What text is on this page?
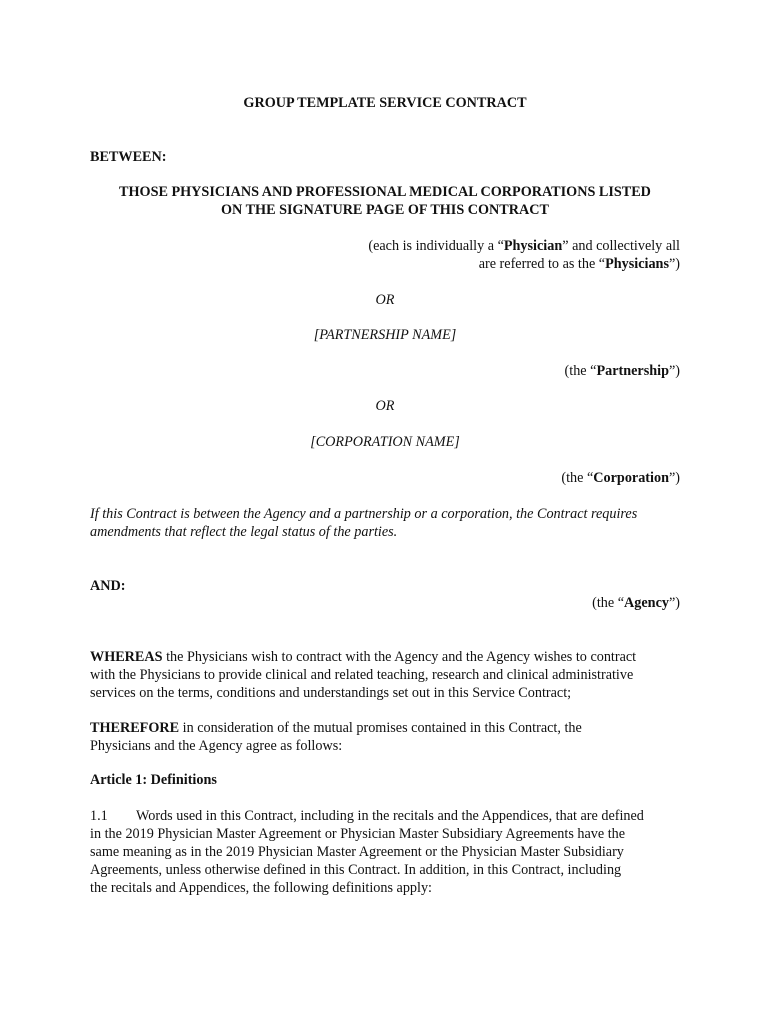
GROUP TEMPLATE SERVICE CONTRACT
BETWEEN:
THOSE PHYSICIANS AND PROFESSIONAL MEDICAL CORPORATIONS LISTED
ON THE SIGNATURE PAGE OF THIS CONTRACT
(each is individually a “Physician” and collectively all
are referred to as the “Physicians”)
OR
[PARTNERSHIP NAME]
(the “Partnership”)
OR
[CORPORATION NAME]
(the “Corporation”)
If this Contract is between the Agency and a partnership or a corporation, the Contract requires
amendments that reflect the legal status of the parties.
AND:
(the “Agency”)
WHEREAS the Physicians wish to contract with the Agency and the Agency wishes to contract
with the Physicians to provide clinical and related teaching, research and clinical administrative
services on the terms, conditions and understandings set out in this Service Contract;
THEREFORE in consideration of the mutual promises contained in this Contract, the
Physicians and the Agency agree as follows:
Article 1: Definitions
1.1 Words used in this Contract, including in the recitals and the Appendices, that are defined
in the 2019 Physician Master Agreement or Physician Master Subsidiary Agreements have the
same meaning as in the 2019 Physician Master Agreement or the Physician Master Subsidiary
Agreements, unless otherwise defined in this Contract. In addition, in this Contract, including
the recitals and Appendices, the following definitions apply:
